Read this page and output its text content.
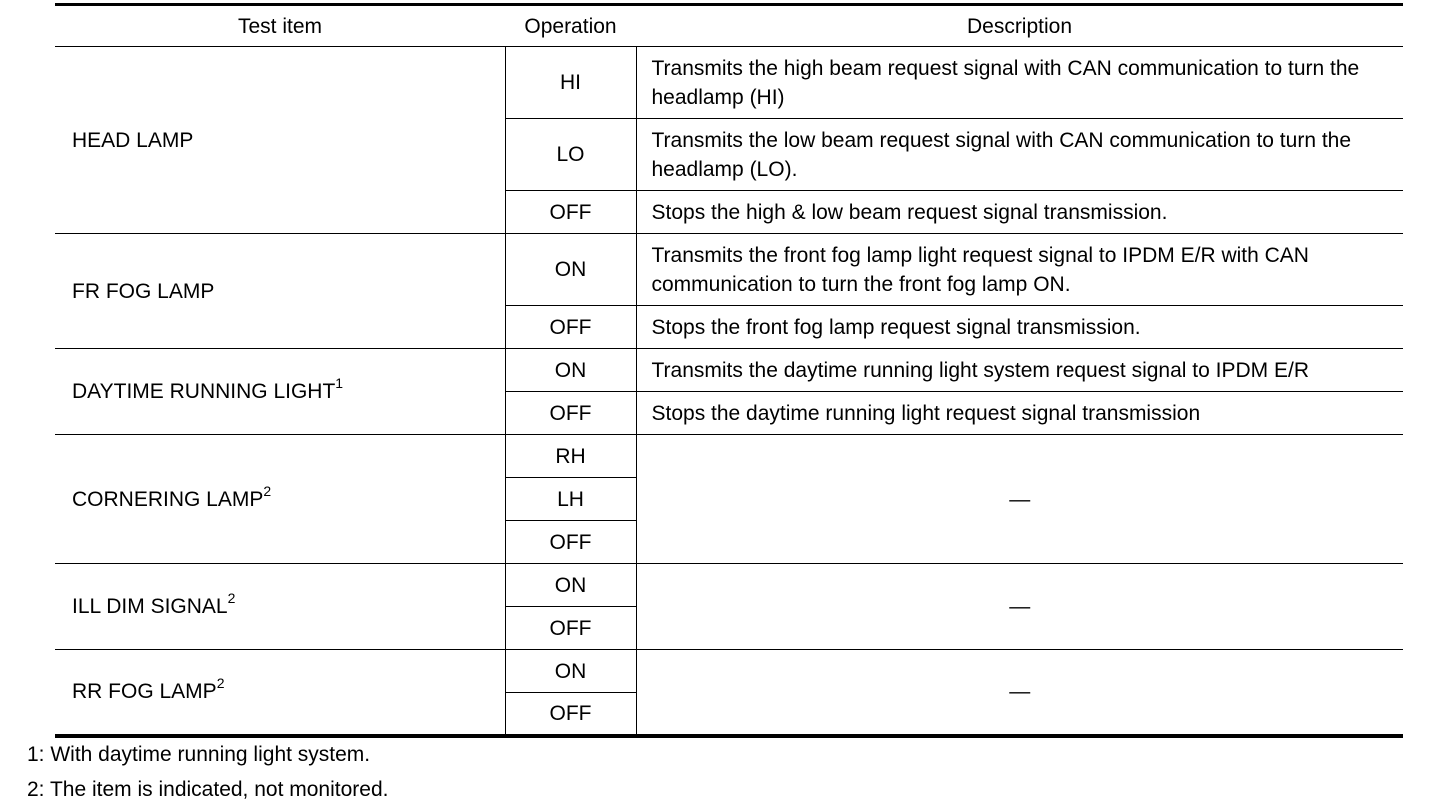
Test item	Operation	Description
HEAD LAMP	HI	Transmits the high beam request signal with CAN communication to turn the headlamp (HI)
	LO	Transmits the low beam request signal with CAN communication to turn the headlamp (LO).
	OFF	Stops the high & low beam request signal transmission.
FR FOG LAMP	ON	Transmits the front fog lamp light request signal to IPDM E/R with CAN communication to turn the front fog lamp ON.
	OFF	Stops the front fog lamp request signal transmission.
DAYTIME RUNNING LIGHT$^1$	ON	Transmits the daytime running light system request signal to IPDM E/R
	OFF	Stops the daytime running light request signal transmission
CORNERING LAMP$^2$	RH	—
	LH	
	OFF	
ILL DIM SIGNAL$^2$	ON	—
	OFF	
RR FOG LAMP$^2$	ON	—
	OFF	
1: With daytime running light system.
2: The item is indicated, not monitored.
